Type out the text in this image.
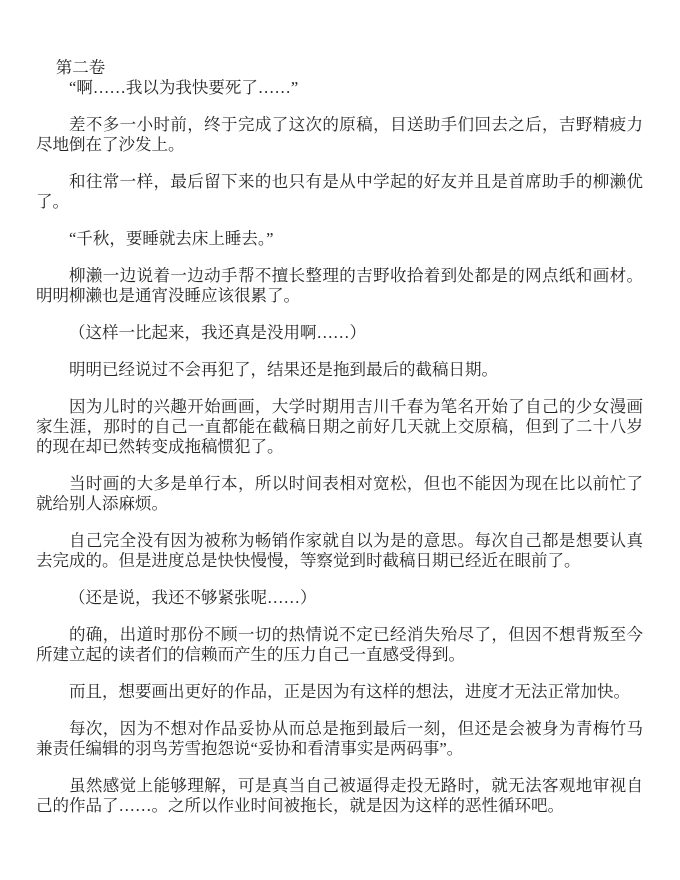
第二卷

“啊……我以为我快要死了……”

差不多一小时前，终于完成了这次的原稿，目送助手们回去之后，吉野精疲力尽地倒在了沙发上。

和往常一样，最后留下来的也只有是从中学起的好友并且是首席助手的柳濑优了。

“千秋，要睡就去床上睡去。”

柳濑一边说着一边动手帮不擅长整理的吉野收拾着到处都是的网点纸和画材。明明柳濑也是通宵没睡应该很累了。

（这样一比起来，我还真是没用啊……）

明明已经说过不会再犯了，结果还是拖到最后的截稿日期。

因为儿时的兴趣开始画画，大学时期用吉川千春为笔名开始了自己的少女漫画家生涯，那时的自己一直都能在截稿日期之前好几天就上交原稿，但到了二十八岁的现在却已然转变成拖稿惯犯了。

当时画的大多是单行本，所以时间表相对宽松，但也不能因为现在比以前忙了就给别人添麻烦。

自己完全没有因为被称为畅销作家就自以为是的意思。每次自己都是想要认真去完成的。但是进度总是快快慢慢，等察觉到时截稿日期已经近在眼前了。

（还是说，我还不够紧张呢……）

的确，出道时那份不顾一切的热情说不定已经消失殆尽了，但因不想背叛至今所建立起的读者们的信赖而产生的压力自己一直感受得到。

而且，想要画出更好的作品，正是因为有这样的想法，进度才无法正常加快。

每次，因为不想对作品妥协从而总是拖到最后一刻，但还是会被身为青梅竹马兼责任编辑的羽鸟芳雪抱怨说“妥协和看清事实是两码事”。

虽然感觉上能够理解，可是真当自己被逼得走投无路时，就无法客观地审视自己的作品了……。之所以作业时间被拖长，就是因为这样的恶性循环吧。
